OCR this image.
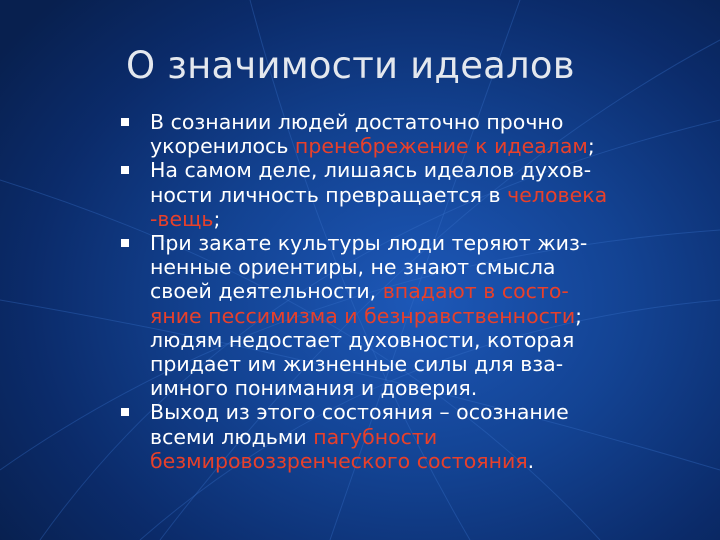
О значимости идеалов
В сознании людей достаточно прочно
укоренилось пренебрежение к идеалам;
На самом деле, лишаясь идеалов духов-
ности личность превращается в человека
-вещь;
При закате культуры люди теряют жиз-
ненные ориентиры, не знают смысла
своей деятельности, впадают в состо-
яние пессимизма и безнравственности;
людям недостает духовности, которая
придает им жизненные силы для вза-
имного понимания и доверия.
Выход из этого состояния – осознание
всеми людьми пагубности
безмировоззренческого состояния.
